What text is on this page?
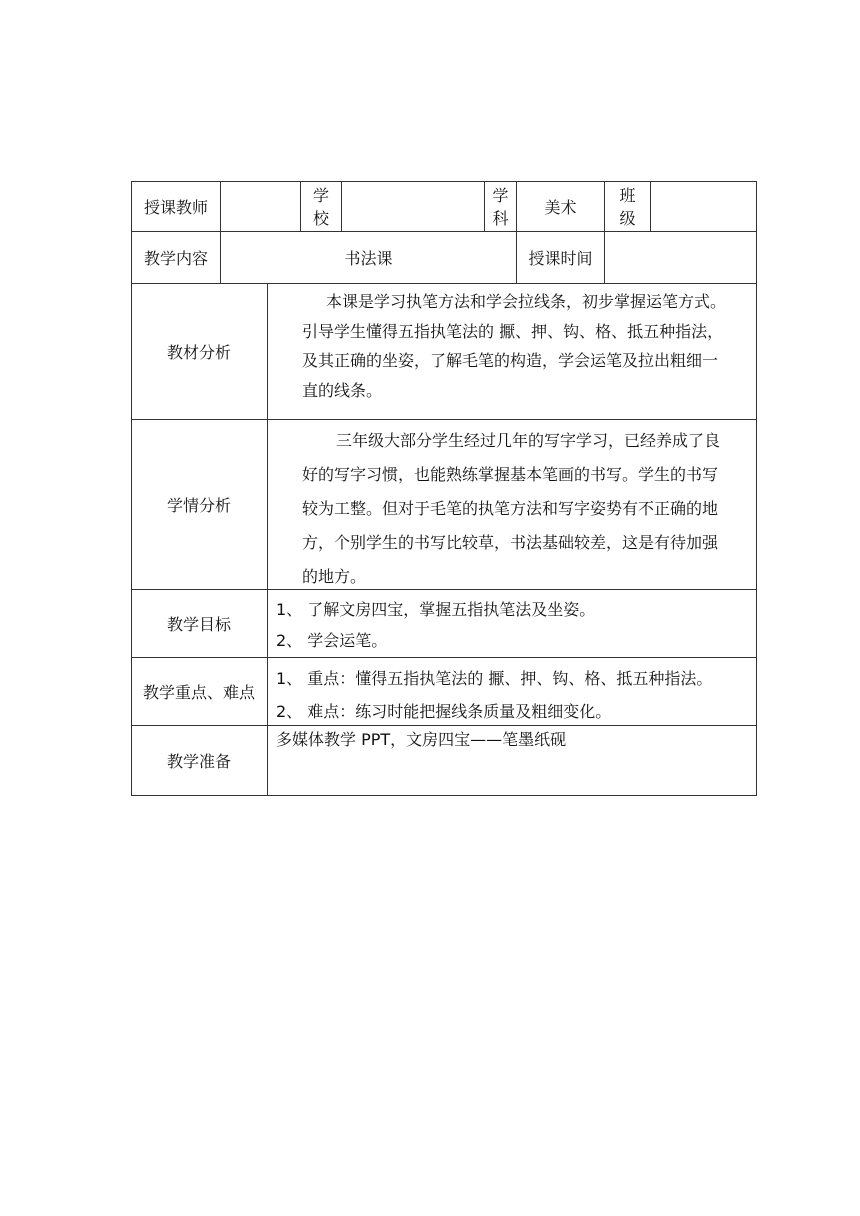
授课教师
学
校
学
科
美术
班
级
教学内容	书法课	授课时间
教材分析
本课是学习执笔方法和学会拉线条，初步掌握运笔方式。
引导学生懂得五指执笔法的 擫、押、钩、格、抵五种指法，
及其正确的坐姿，了解毛笔的构造，学会运笔及拉出粗细一
直的线条。
学情分析
三年级大部分学生经过几年的写字学习，已经养成了良
好的写字习惯，也能熟练掌握基本笔画的书写。学生的书写
较为工整。但对于毛笔的执笔方法和写字姿势有不正确的地
方，个别学生的书写比较草，书法基础较差，这是有待加强
的地方。
教学目标
1、 了解文房四宝，掌握五指执笔法及坐姿。
2、 学会运笔。
教学重点、难点
1、 重点：懂得五指执笔法的 擫、押、钩、格、抵五种指法。
2、 难点：练习时能把握线条质量及粗细变化。
教学准备
多媒体教学 PPT，文房四宝——笔墨纸砚
